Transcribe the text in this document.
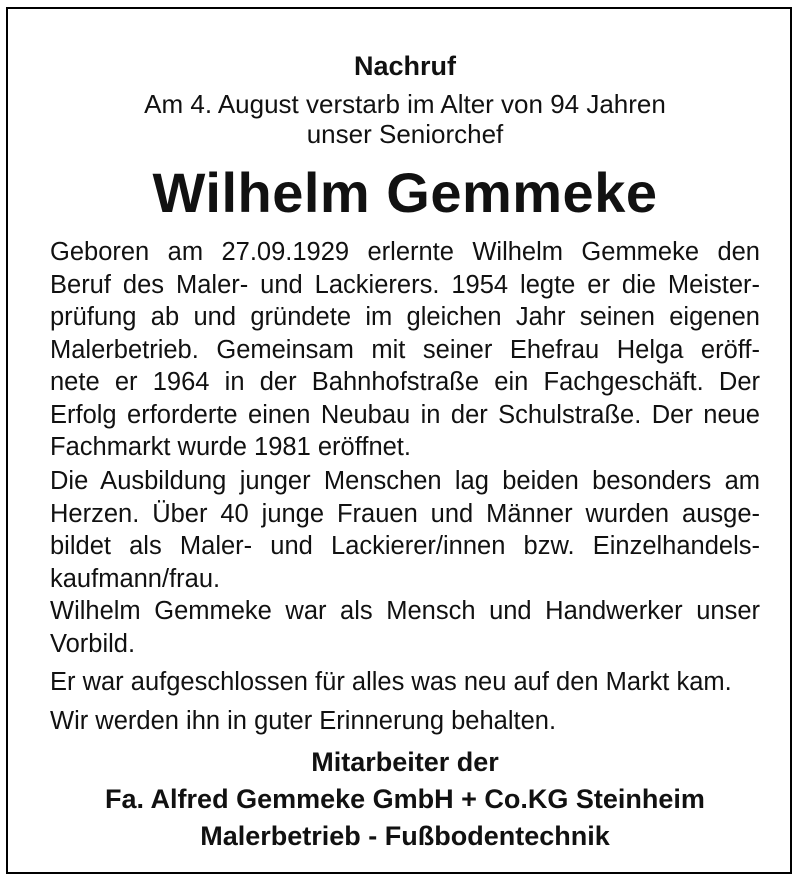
Nachruf
Am 4. August verstarb im Alter von 94 Jahren
unser Seniorchef
Wilhelm Gemmeke
Geboren am 27.09.1929 erlernte Wilhelm Gemmeke den
Beruf des Maler- und Lackierers. 1954 legte er die Meister-
prüfung ab und gründete im gleichen Jahr seinen eigenen
Malerbetrieb. Gemeinsam mit seiner Ehefrau Helga eröff-
nete er 1964 in der Bahnhofstraße ein Fachgeschäft. Der
Erfolg erforderte einen Neubau in der Schulstraße. Der neue
Fachmarkt wurde 1981 eröffnet.
Die Ausbildung junger Menschen lag beiden besonders am
Herzen. Über 40 junge Frauen und Männer wurden ausge-
bildet als Maler- und Lackierer/innen bzw. Einzelhandels-
kaufmann/frau.
Wilhelm Gemmeke war als Mensch und Handwerker unser
Vorbild.
Er war aufgeschlossen für alles was neu auf den Markt kam.
Wir werden ihn in guter Erinnerung behalten.
Mitarbeiter der
Fa. Alfred Gemmeke GmbH + Co.KG Steinheim
Malerbetrieb - Fußbodentechnik
